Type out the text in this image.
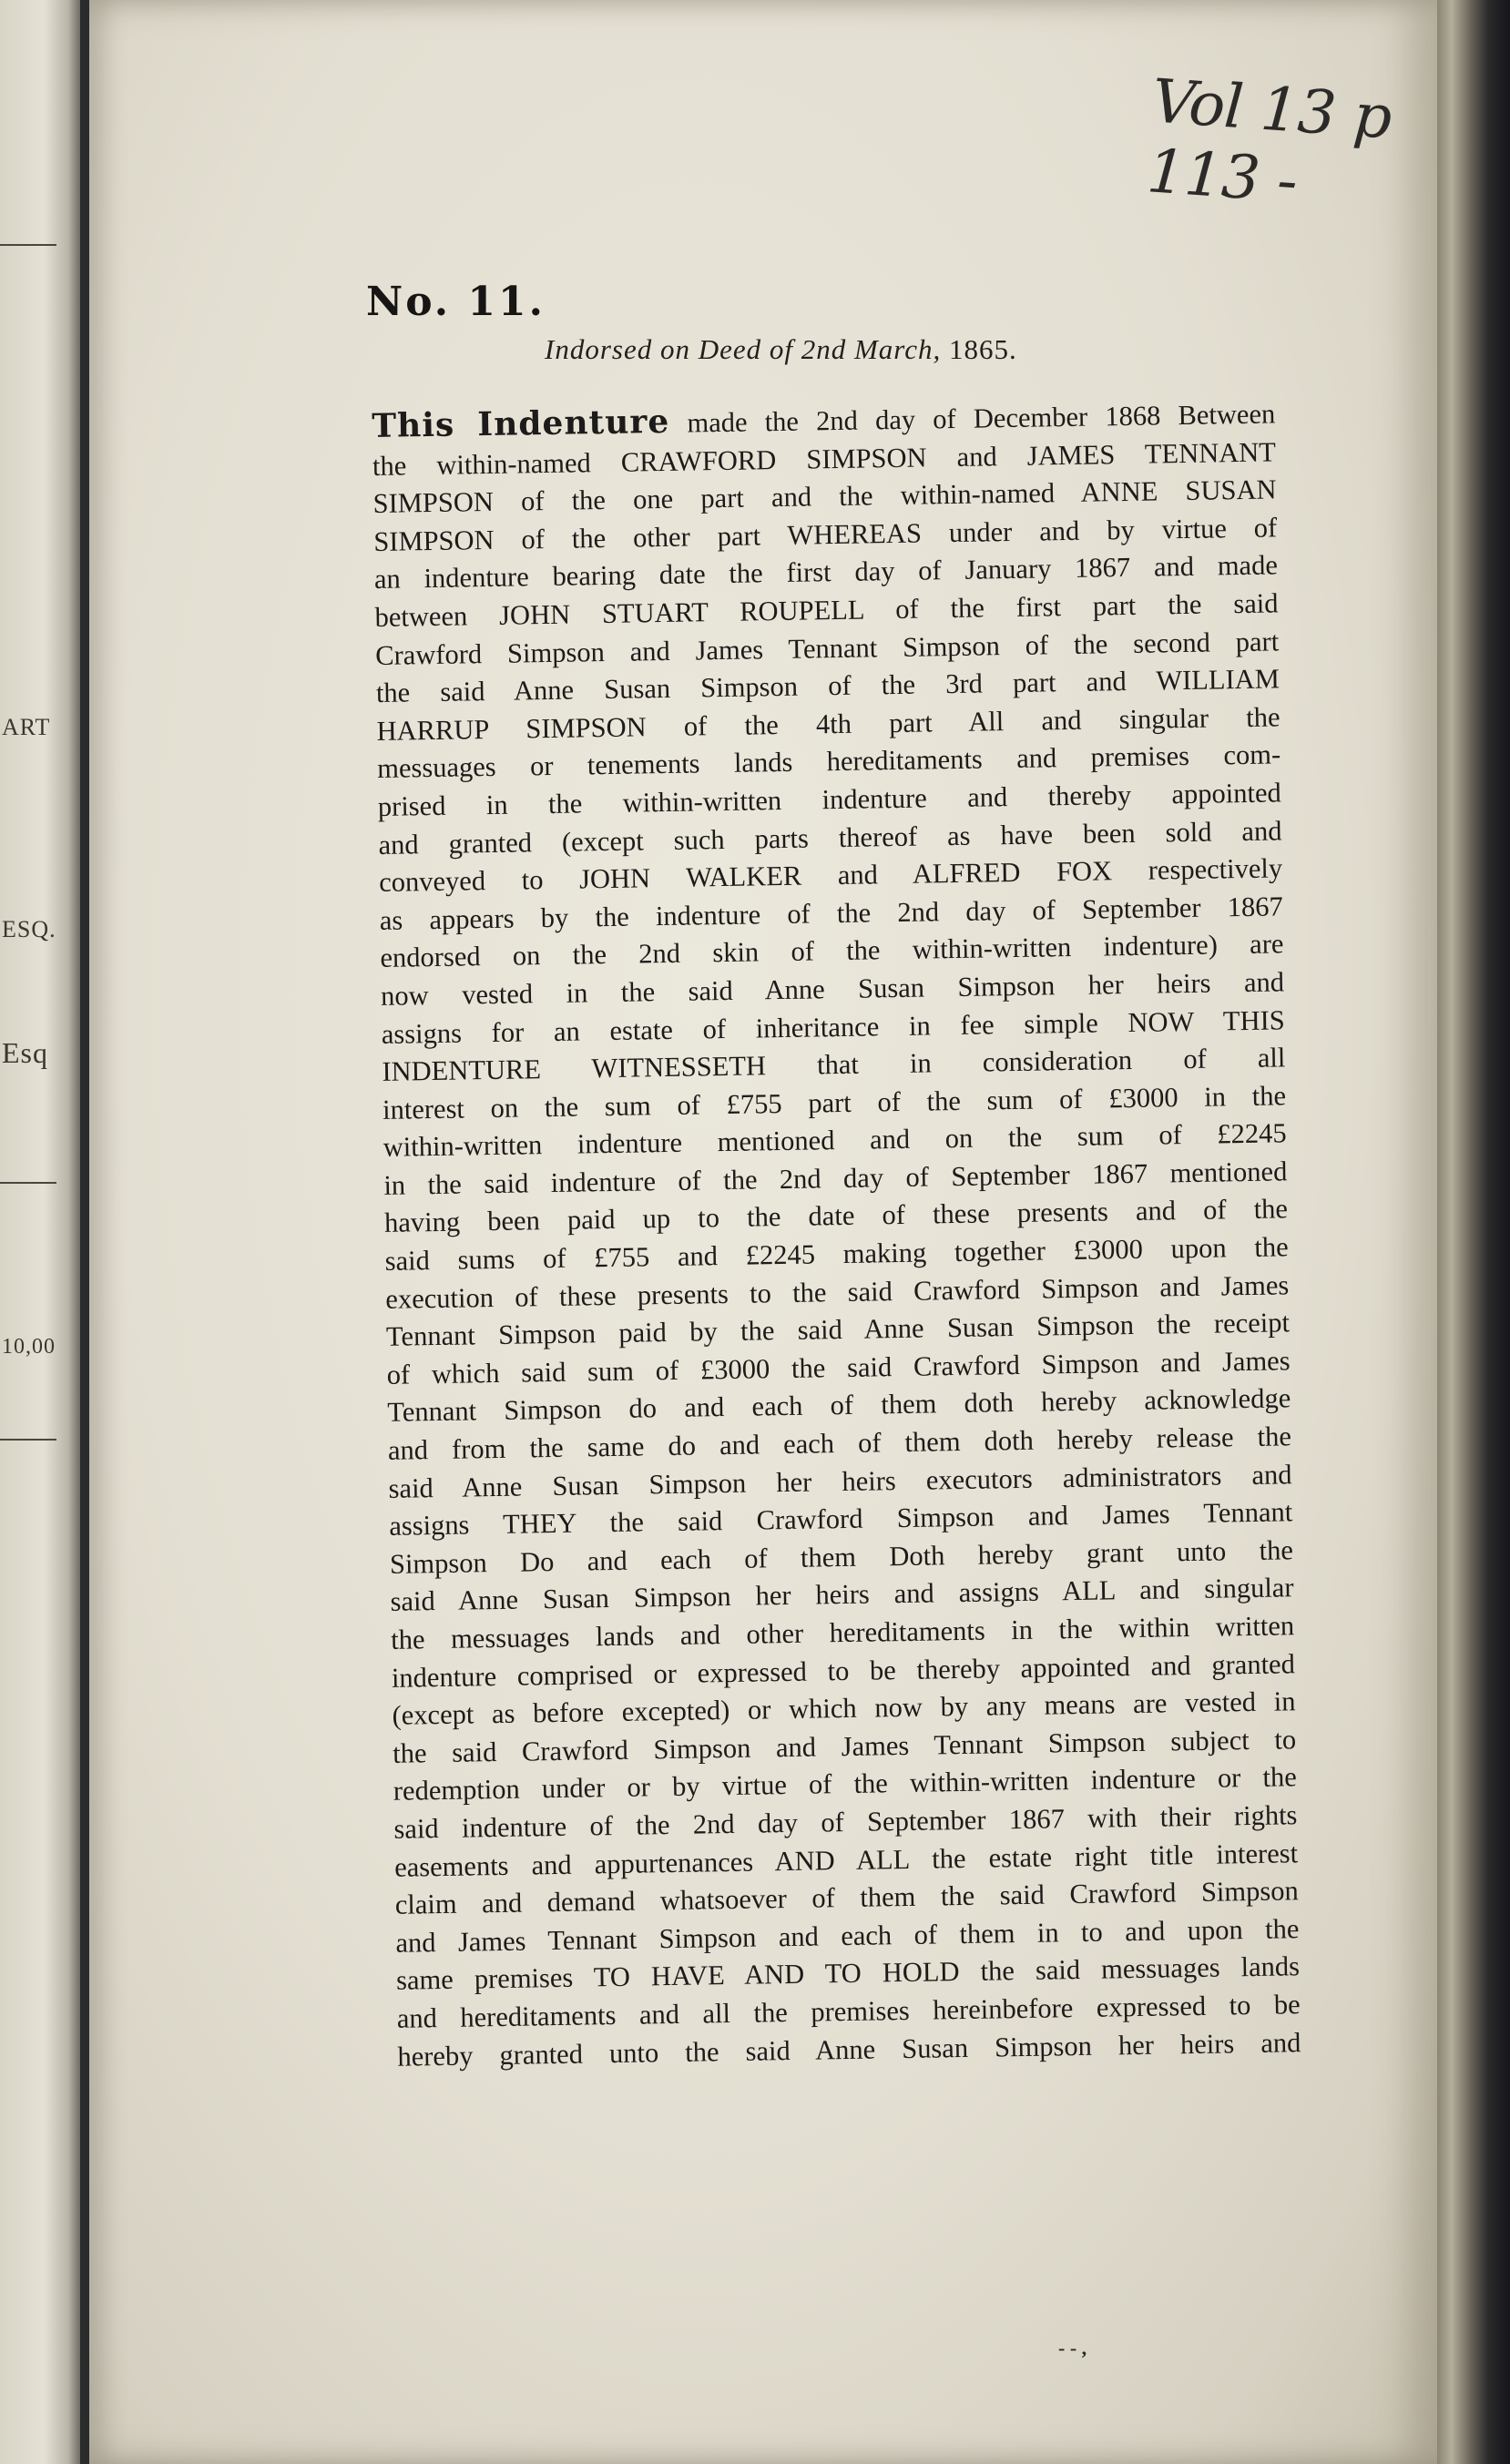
ART
ESQ.
Esq
10,00
Vol 13 p 113 -
No. 11.
Indorsed on Deed of 2nd March, 1865.
This Indenture made the 2nd day of December 1868 Between
the within-named CRAWFORD SIMPSON and JAMES TENNANT
SIMPSON of the one part and the within-named ANNE SUSAN
SIMPSON of the other part WHEREAS under and by virtue of
an indenture bearing date the first day of January 1867 and made
between JOHN STUART ROUPELL of the first part the said
Crawford Simpson and James Tennant Simpson of the second part
the said Anne Susan Simpson of the 3rd part and WILLIAM
HARRUP SIMPSON of the 4th part All and singular the
messuages or tenements lands hereditaments and premises com-
prised in the within-written indenture and thereby appointed
and granted (except such parts thereof as have been sold and
conveyed to JOHN WALKER and ALFRED FOX respectively
as appears by the indenture of the 2nd day of September 1867
endorsed on the 2nd skin of the within-written indenture) are
now vested in the said Anne Susan Simpson her heirs and
assigns for an estate of inheritance in fee simple NOW THIS
INDENTURE WITNESSETH that in consideration of all
interest on the sum of £755 part of the sum of £3000 in the
within-written indenture mentioned and on the sum of £2245
in the said indenture of the 2nd day of September 1867 mentioned
having been paid up to the date of these presents and of the
said sums of £755 and £2245 making together £3000 upon the
execution of these presents to the said Crawford Simpson and James
Tennant Simpson paid by the said Anne Susan Simpson the receipt
of which said sum of £3000 the said Crawford Simpson and James
Tennant Simpson do and each of them doth hereby acknowledge
and from the same do and each of them doth hereby release the
said Anne Susan Simpson her heirs executors administrators and
assigns THEY the said Crawford Simpson and James Tennant
Simpson Do and each of them Doth hereby grant unto the
said Anne Susan Simpson her heirs and assigns ALL and singular
the messuages lands and other hereditaments in the within written
indenture comprised or expressed to be thereby appointed and granted
(except as before excepted) or which now by any means are vested in
the said Crawford Simpson and James Tennant Simpson subject to
redemption under or by virtue of the within-written indenture or the
said indenture of the 2nd day of September 1867 with their rights
easements and appurtenances AND ALL the estate right title interest
claim and demand whatsoever of them the said Crawford Simpson
and James Tennant Simpson and each of them in to and upon the
same premises TO HAVE AND TO HOLD the said messuages lands
and hereditaments and all the premises hereinbefore expressed to be
hereby granted unto the said Anne Susan Simpson her heirs and
- - ,
